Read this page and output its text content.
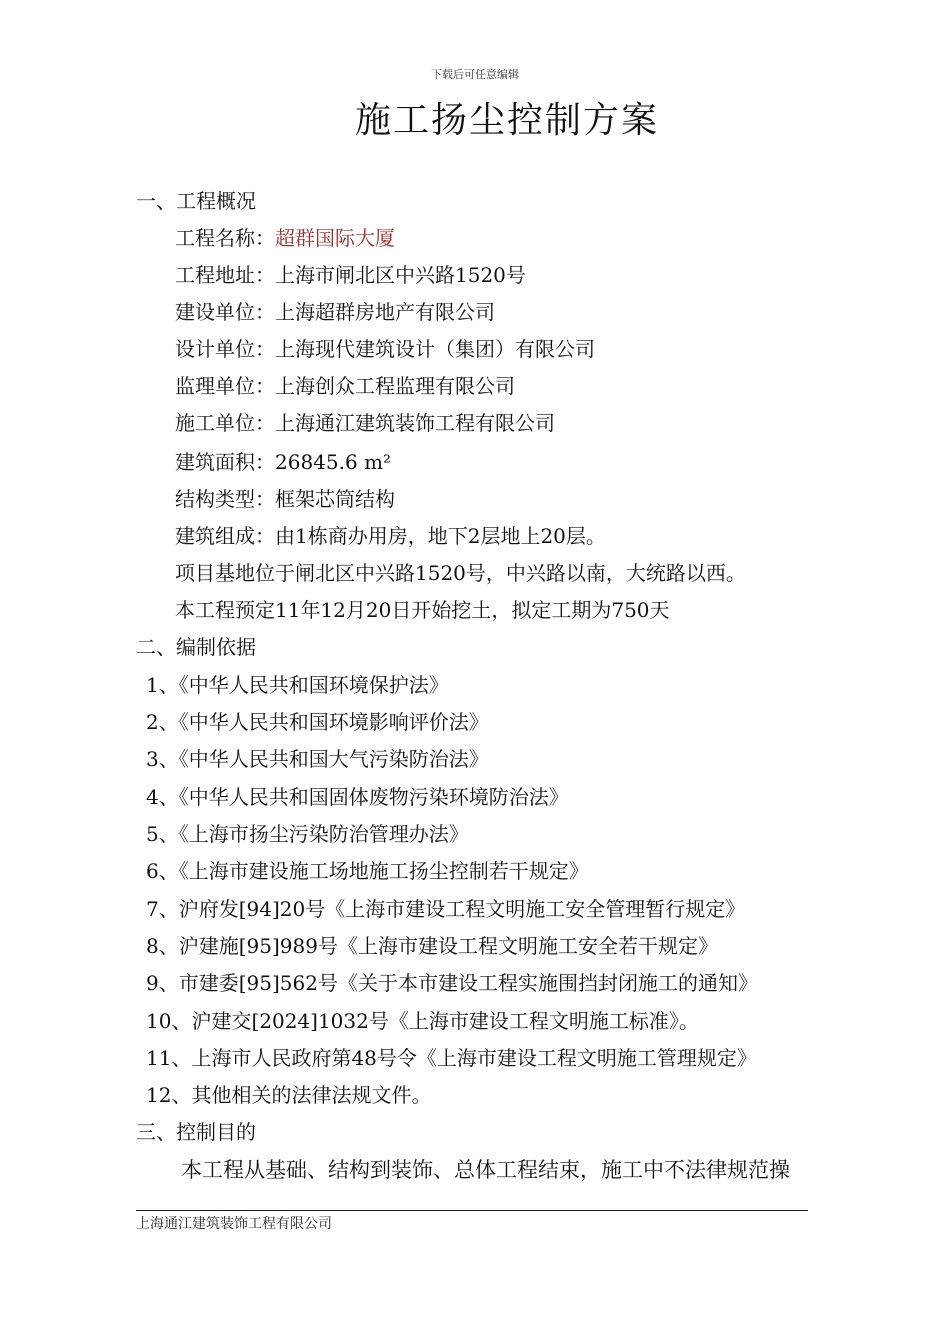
下载后可任意编辑
施工扬尘控制方案
一、工程概况
工程名称：超群国际大厦
工程地址：上海市闸北区中兴路1520号
建设单位：上海超群房地产有限公司
设计单位：上海现代建筑设计（集团）有限公司
监理单位：上海创众工程监理有限公司
施工单位：上海通江建筑装饰工程有限公司
建筑面积：26845.6 m²
结构类型：框架芯筒结构
建筑组成：由1栋商办用房，地下2层地上20层。
项目基地位于闸北区中兴路1520号，中兴路以南，大统路以西。
本工程预定11年12月20日开始挖土，拟定工期为750天
二、编制依据
1、《中华人民共和国环境保护法》
2、《中华人民共和国环境影响评价法》
3、《中华人民共和国大气污染防治法》
4、《中华人民共和国固体废物污染环境防治法》
5、《上海市扬尘污染防治管理办法》
6、《上海市建设施工场地施工扬尘控制若干规定》
7、沪府发[94]20号《上海市建设工程文明施工安全管理暂行规定》
8、沪建施[95]989号《上海市建设工程文明施工安全若干规定》
9、市建委[95]562号《关于本市建设工程实施围挡封闭施工的通知》
10、沪建交[2024]1032号《上海市建设工程文明施工标准》。
11、上海市人民政府第48号令《上海市建设工程文明施工管理规定》
12、其他相关的法律法规文件。
三、控制目的
本工程从基础、结构到装饰、总体工程结束，施工中不法律规范操
上海通江建筑装饰工程有限公司
